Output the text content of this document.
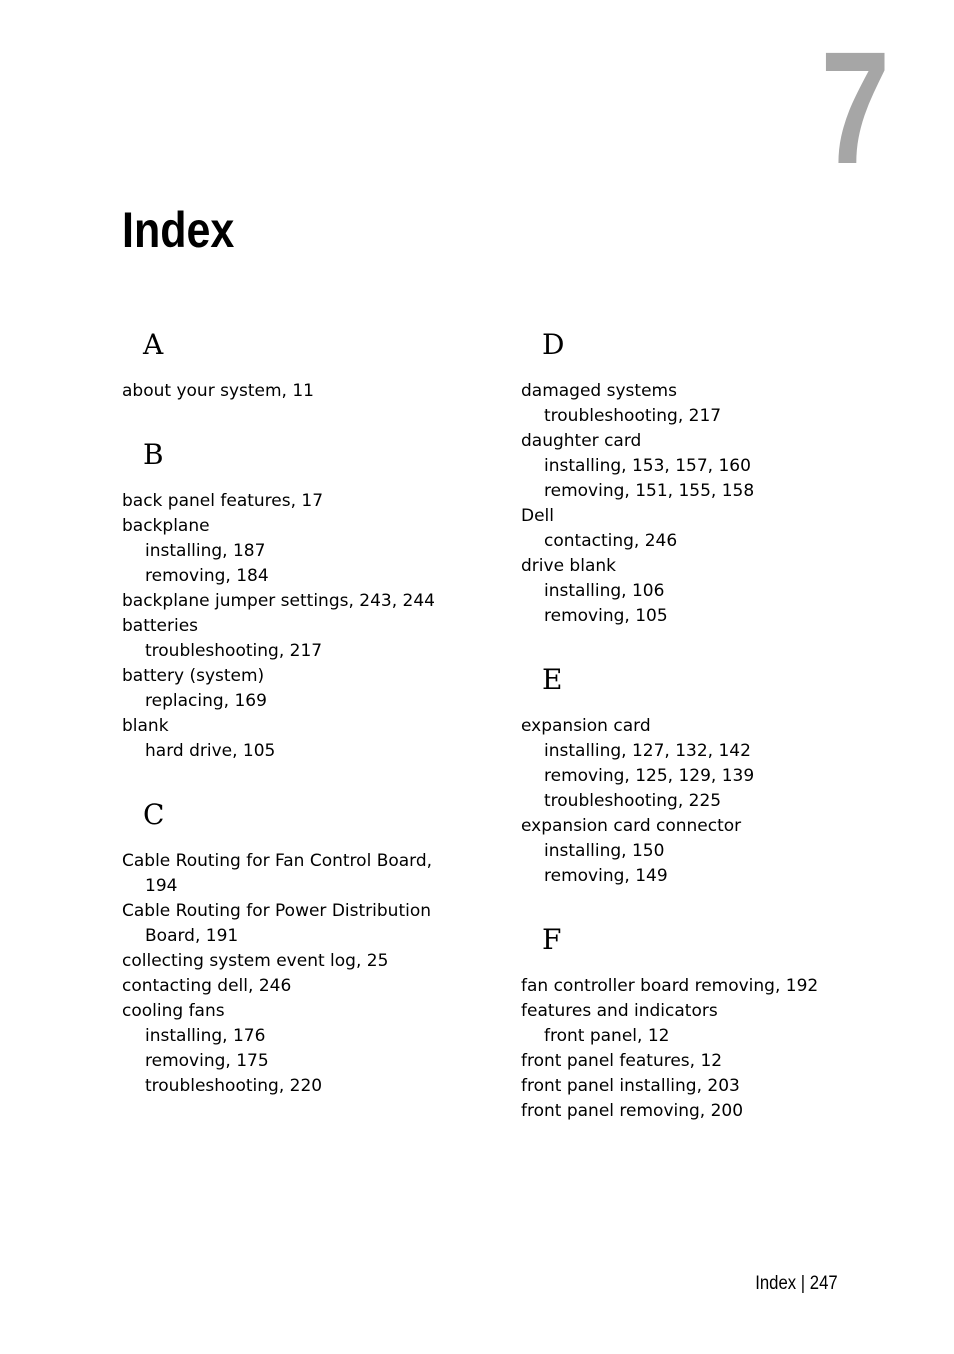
7
Index
A
about your system, 11
B
back panel features, 17
backplane
installing, 187
removing, 184
backplane jumper settings, 243, 244
batteries
troubleshooting, 217
battery (system)
replacing, 169
blank
hard drive, 105
C
Cable Routing for Fan Control Board,
194
Cable Routing for Power Distribution
Board, 191
collecting system event log, 25
contacting dell, 246
cooling fans
installing, 176
removing, 175
troubleshooting, 220
D
damaged systems
troubleshooting, 217
daughter card
installing, 153, 157, 160
removing, 151, 155, 158
Dell
contacting, 246
drive blank
installing, 106
removing, 105
E
expansion card
installing, 127, 132, 142
removing, 125, 129, 139
troubleshooting, 225
expansion card connector
installing, 150
removing, 149
F
fan controller board removing, 192
features and indicators
front panel, 12
front panel features, 12
front panel installing, 203
front panel removing, 200
Index | 247
